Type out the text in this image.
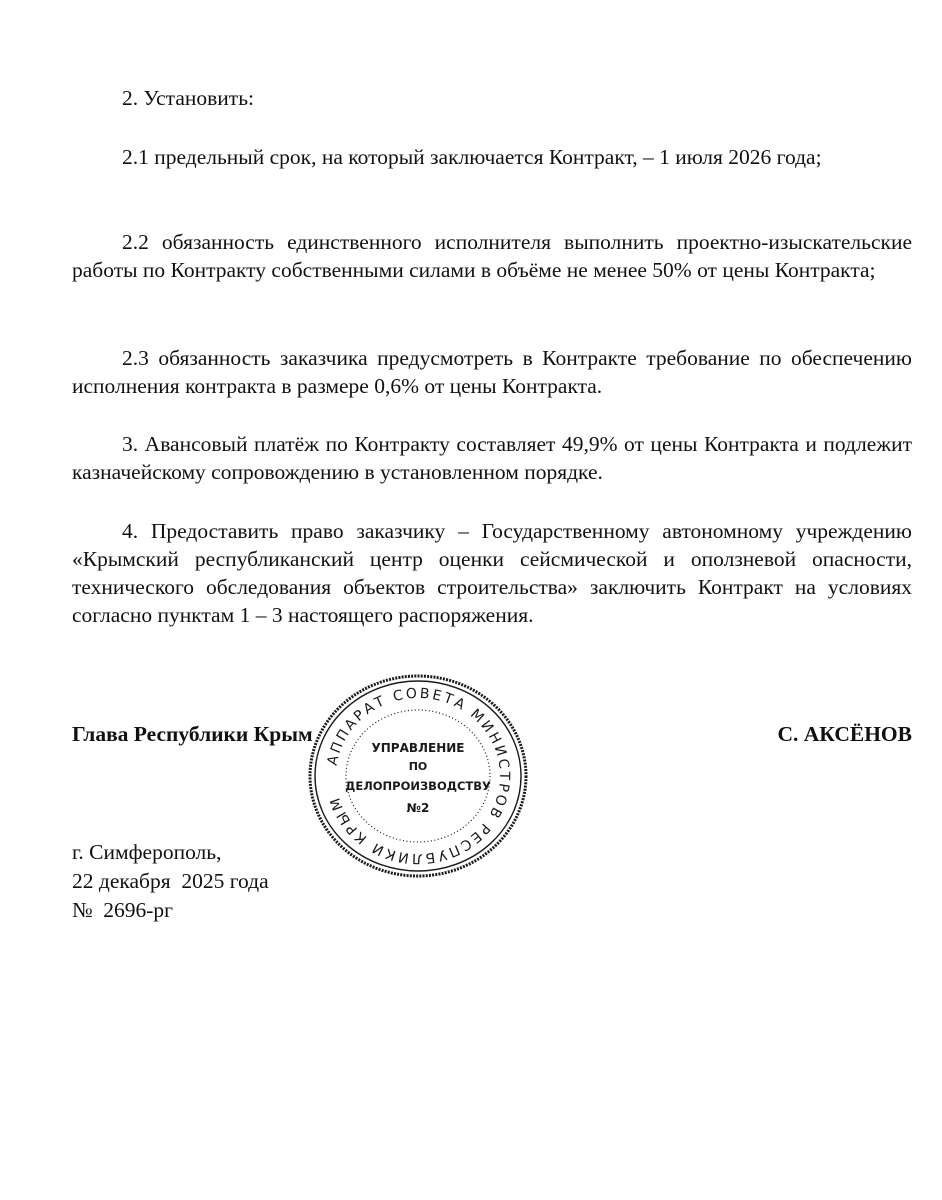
2. Установить:

2.1 предельный срок, на который заключается Контракт, – 1 июля 2026 года;

2.2 обязанность единственного исполнителя выполнить проектно-изыскательские работы по Контракту собственными силами в объёме не менее 50% от цены Контракта;

2.3 обязанность заказчика предусмотреть в Контракте требование по обеспечению исполнения контракта в размере 0,6% от цены Контракта.

3. Авансовый платёж по Контракту составляет 49,9% от цены Контракта и подлежит казначейскому сопровождению в установленном порядке.

4. Предоставить право заказчику – Государственному автономному учреждению «Крымский республиканский центр оценки сейсмической и оползневой опасности, технического обследования объектов строительства» заключить Контракт на условиях согласно пунктам 1 – 3 настоящего распоряжения.

Глава Республики Крым	С. АКСЁНОВ
г. Симферополь,
22 декабря  2025 года
№  2696-рг
АППАРАТ СОВЕТА МИНИСТРОВ РЕСПУБЛИКИ КРЫМ
УПРАВЛЕНИЕ
ПО
ДЕЛОПРОИЗВОДСТВУ
№2
